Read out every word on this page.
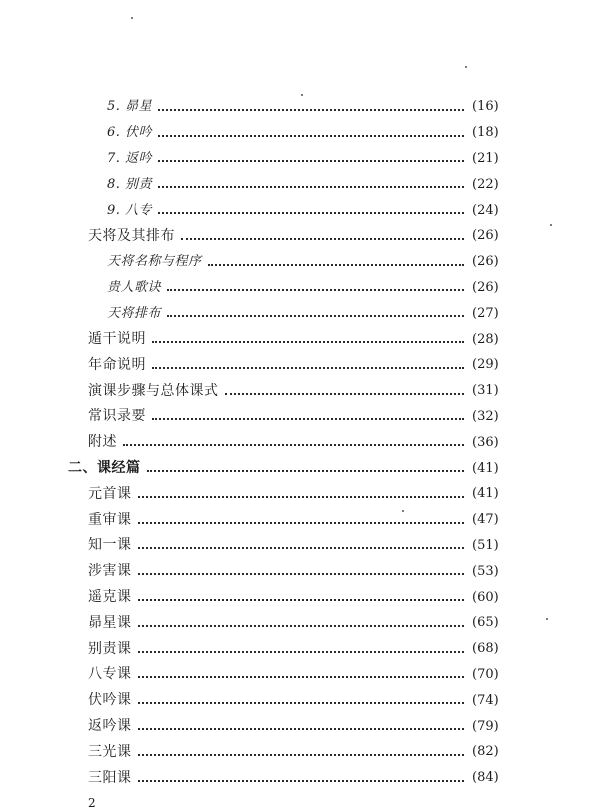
5. 昴星	(16)
6. 伏吟	(18)
7. 返吟	(21)
8. 别责	(22)
9. 八专	(24)
天将及其排布	(26)
天将名称与程序	(26)
贵人歌诀	(26)
天将排布	(27)
遁干说明	(28)
年命说明	(29)
演课步骤与总体课式	(31)
常识录要	(32)
附述	(36)
二、课经篇	(41)
元首课	(41)
重审课	(47)
知一课	(51)
涉害课	(53)
遥克课	(60)
昴星课	(65)
别责课	(68)
八专课	(70)
伏吟课	(74)
返吟课	(79)
三光课	(82)
三阳课	(84)
2
